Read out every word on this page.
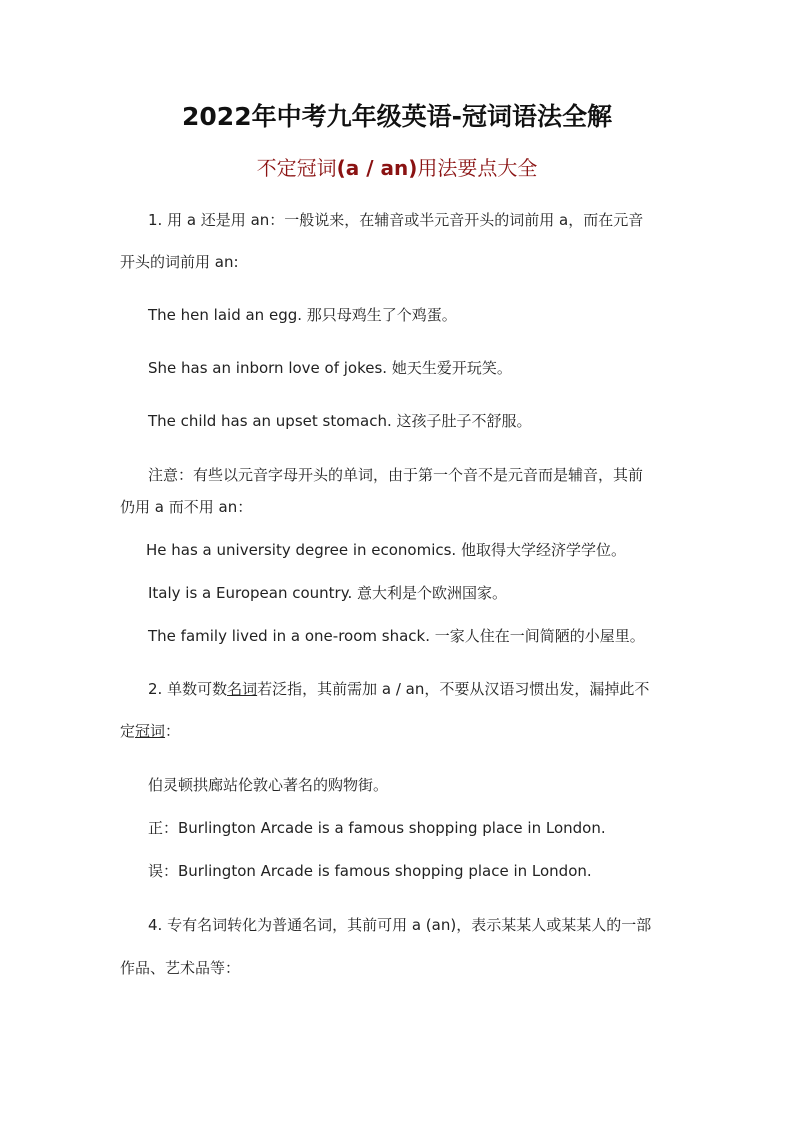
2022年中考九年级英语-冠词语法全解
不定冠词(a / an)用法要点大全
1. 用 a 还是用 an：一般说来，在辅音或半元音开头的词前用 a，而在元音
开头的词前用 an:
The hen laid an egg. 那只母鸡生了个鸡蛋。
She has an inborn love of jokes. 她天生爱开玩笑。
The child has an upset stomach. 这孩子肚子不舒服。
注意：有些以元音字母开头的单词，由于第一个音不是元音而是辅音，其前
仍用 a 而不用 an：
He has a university degree in economics. 他取得大学经济学学位。
Italy is a European country. 意大利是个欧洲国家。
The family lived in a one-room shack. 一家人住在一间简陋的小屋里。
2. 单数可数名词若泛指，其前需加 a / an，不要从汉语习惯出发，漏掉此不
定冠词：
伯灵顿拱廊站伦敦心著名的购物街。
正：Burlington Arcade is a famous shopping place in London.
误：Burlington Arcade is famous shopping place in London.
4. 专有名词转化为普通名词，其前可用 a (an)，表示某某人或某某人的一部
作品、艺术品等：
